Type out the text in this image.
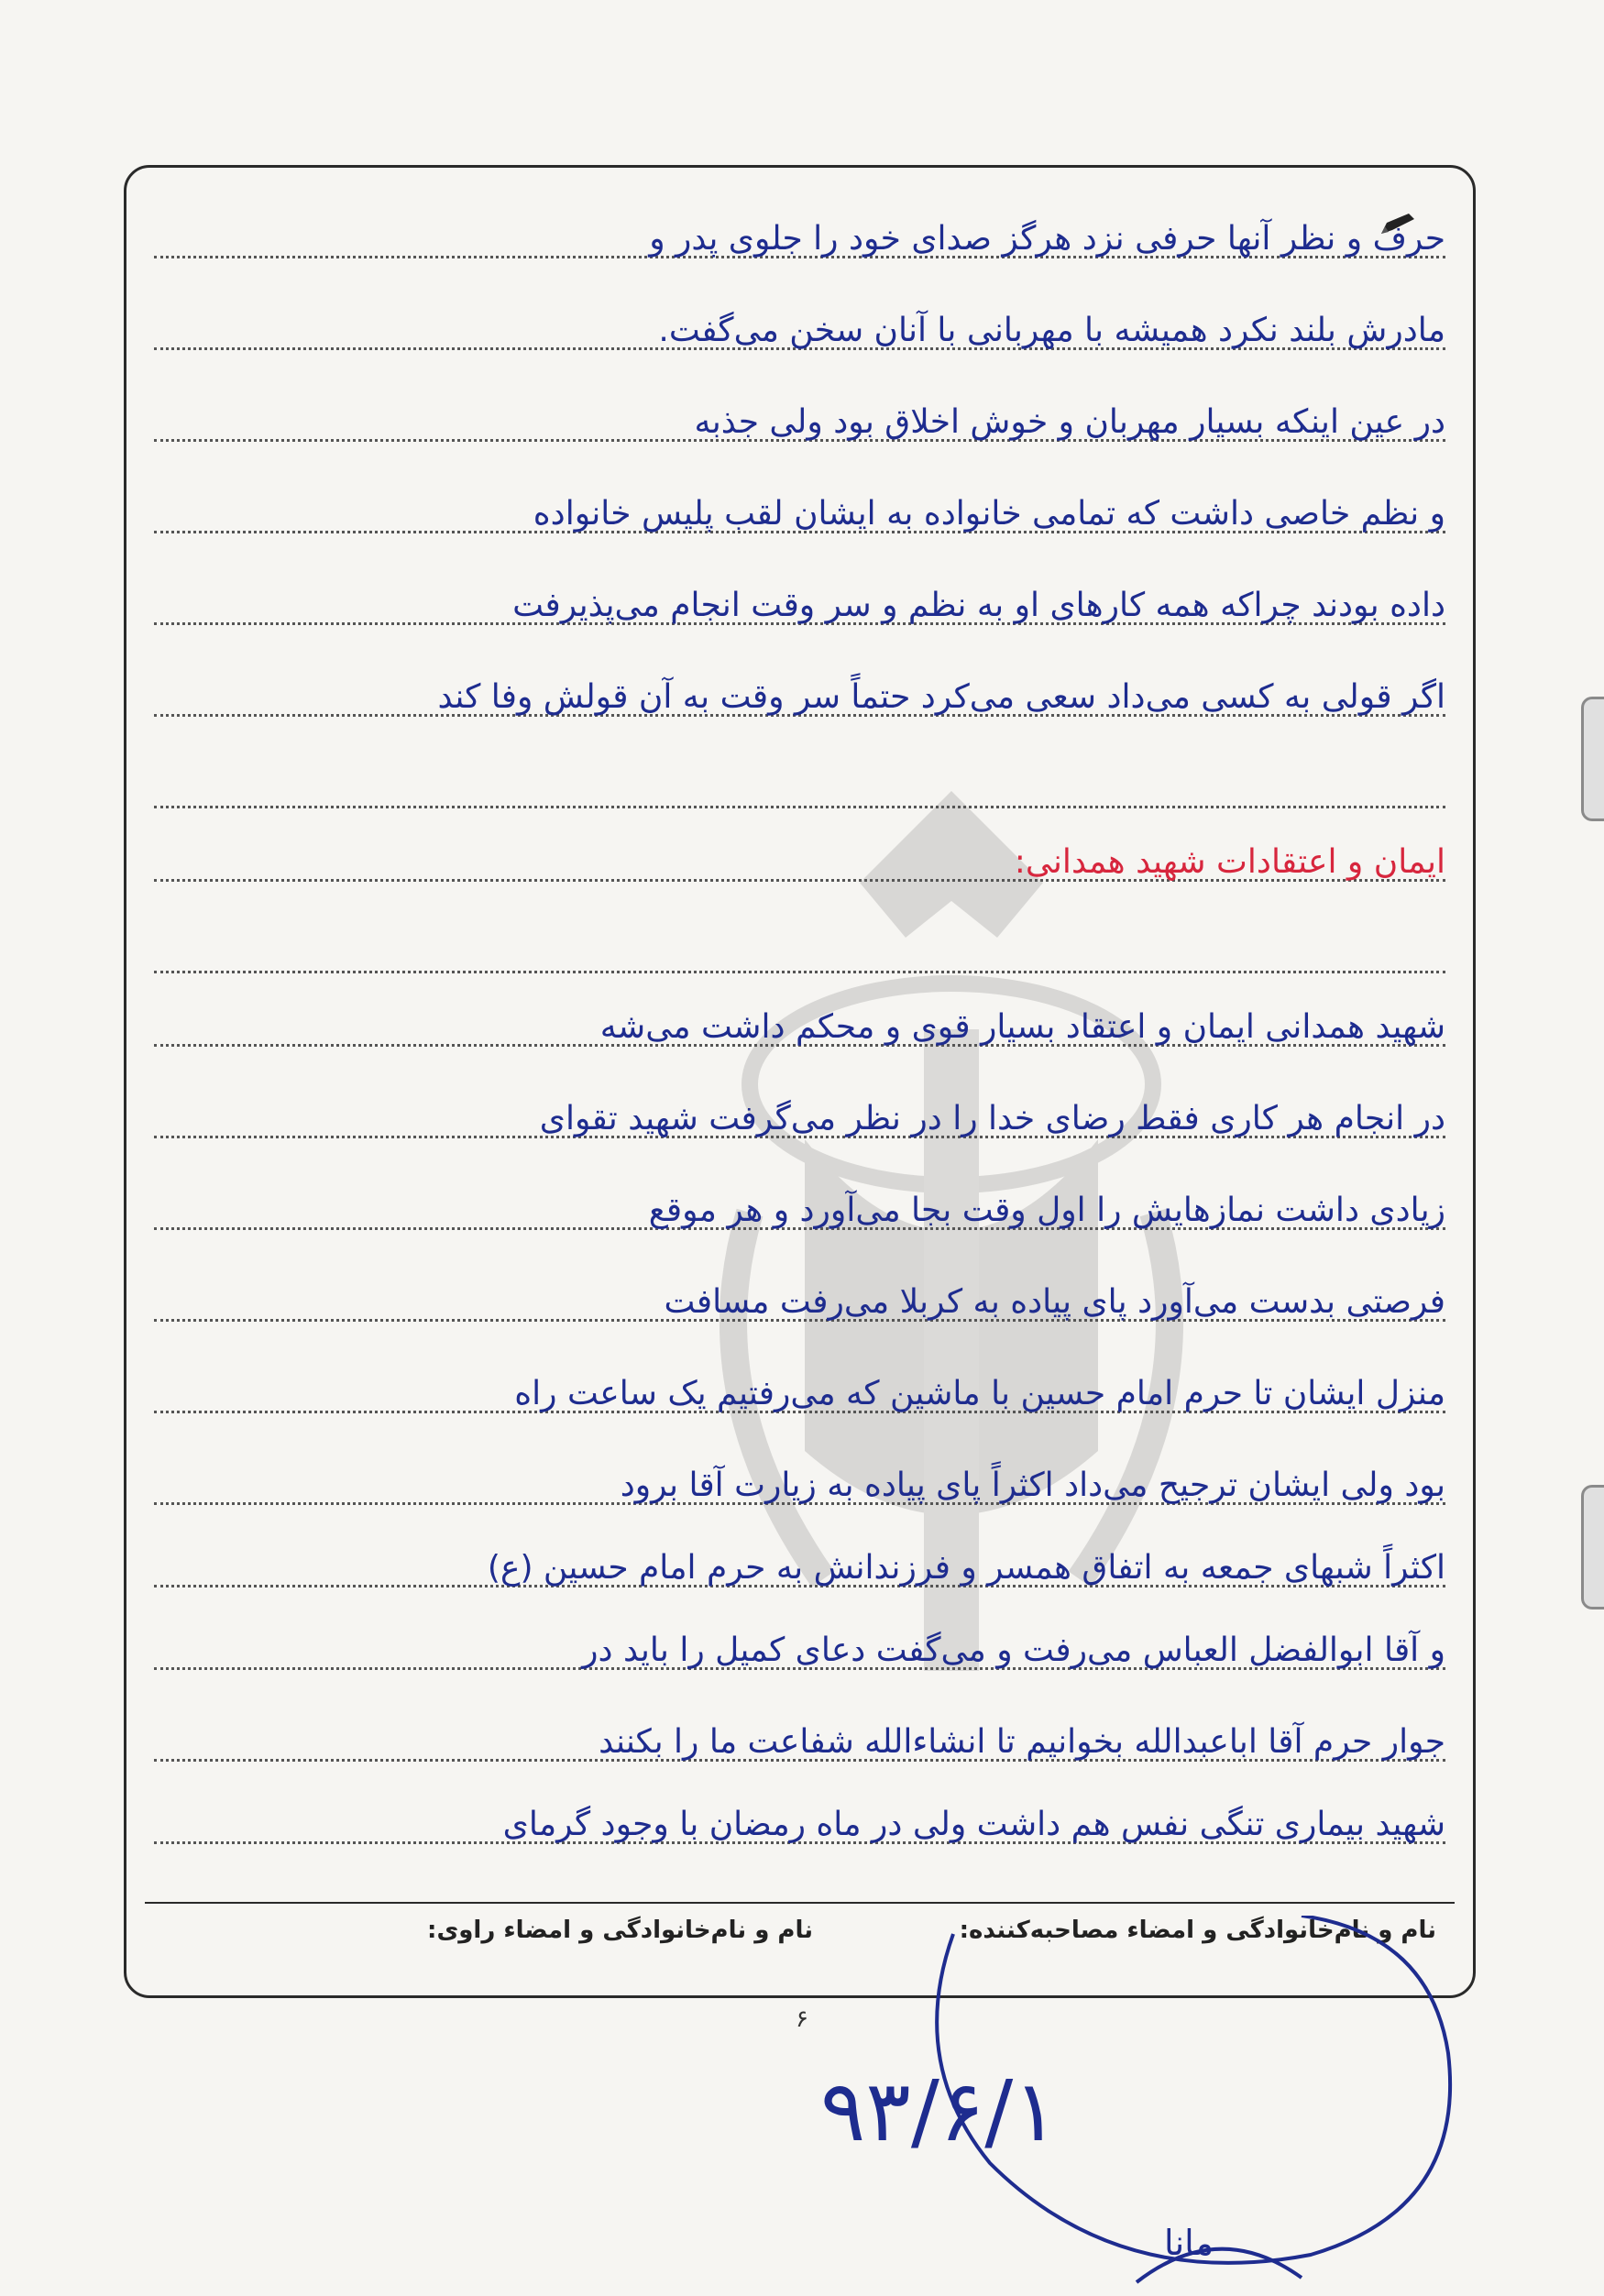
حرف و نظر آنها حرفی نزد هرگز صدای خود را جلوی پدر و
مادرش بلند نکرد همیشه با مهربانی با آنان سخن می‌گفت.
در عین اینکه بسیار مهربان و خوش اخلاق بود ولی جذبه
و نظم خاصی داشت که تمامی خانواده به ایشان لقب پلیس خانواده
داده بودند چراکه همه کارهای او به نظم و سر وقت انجام می‌پذیرفت
اگر قولی به کسی می‌داد سعی می‌کرد حتماً سر وقت به آن قولش وفا کند
ایمان و اعتقادات شهید همدانی:
شهید همدانی ایمان و اعتقاد بسیار قوی و محکم داشت می‌شه
در انجام هر کاری فقط رضای خدا را در نظر می‌گرفت شهید تقوای
زیادی داشت نمازهایش را اول وقت بجا می‌آورد و هر موقع
فرصتی بدست می‌آورد پای پیاده به کربلا می‌رفت مسافت
منزل ایشان تا حرم امام حسین با ماشین که می‌رفتیم یک ساعت راه
بود ولی ایشان ترجیح می‌داد اکثراً پای پیاده به زیارت آقا برود
اکثراً شبهای جمعه به اتفاق همسر و فرزندانش به حرم امام حسین (ع)
و آقا ابوالفضل العباس می‌رفت و می‌گفت دعای کمیل را باید در
جوار حرم آقا اباعبدالله بخوانیم تا انشاءالله شفاعت ما را بکنند
شهید بیماری تنگی نفس هم داشت ولی در ماه رمضان با وجود گرمای
نام و نام‌خانوادگی و امضاء مصاحبه‌کننده:
نام و نام‌خانوادگی و امضاء راوی:
۶
۹۳/۶/۱
مانا
